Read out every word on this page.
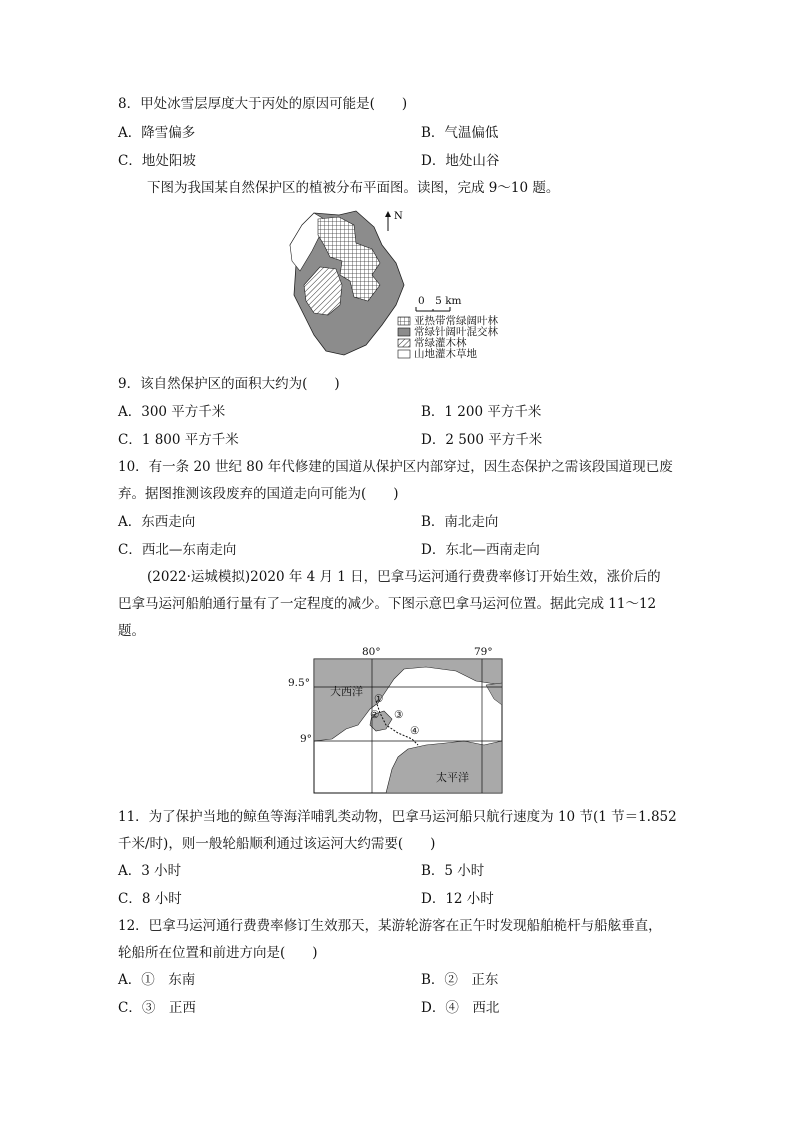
8．甲处冰雪层厚度大于丙处的原因可能是(　　)
A．降雪偏多	B．气温偏低
C．地处阳坡	D．地处山谷
下图为我国某自然保护区的植被分布平面图。读图，完成 9～10 题。
N
0　5 km
亚热带常绿阔叶林
常绿针阔叶混交林
常绿灌木林
山地灌木草地
9．该自然保护区的面积大约为(　　)
A．300 平方千米	B．1 200 平方千米
C．1 800 平方千米	D．2 500 平方千米
10．有一条 20 世纪 80 年代修建的国道从保护区内部穿过，因生态保护之需该段国道现已废
弃。据图推测该段废弃的国道走向可能为(　　)
A．东西走向	B．南北走向
C．西北—东南走向	D．东北—西南走向
(2022·运城模拟)2020 年 4 月 1 日，巴拿马运河通行费费率修订开始生效，涨价后的
巴拿马运河船舶通行量有了一定程度的减少。下图示意巴拿马运河位置。据此完成 11～12
题。
80°	79°
9.5°
9°
大西洋
太平洋
①
② ③
④
11．为了保护当地的鲸鱼等海洋哺乳类动物，巴拿马运河船只航行速度为 10 节(1 节＝1.852
千米/时)，则一般轮船顺利通过该运河大约需要(　　)
A．3 小时	B．5 小时
C．8 小时	D．12 小时
12．巴拿马运河通行费费率修订生效那天，某游轮游客在正午时发现船舶桅杆与船舷垂直，
轮船所在位置和前进方向是(　　)
A．①　东南	B．②　正东
C．③　正西	D．④　西北
